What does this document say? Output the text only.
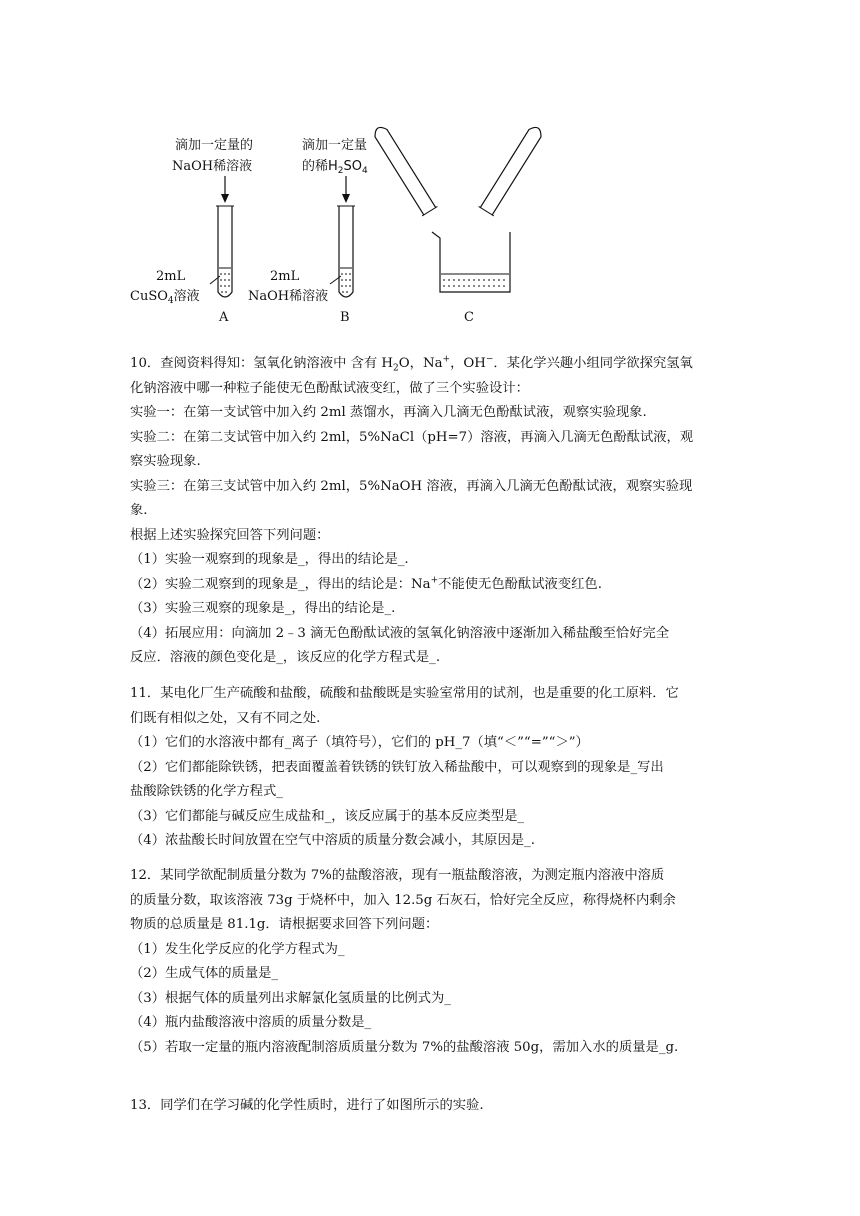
滴加一定量的
NaOH稀溶液
2mL
CuSO$_4$溶液
A
滴加一定量
的稀$H_2SO_4$
2mL
NaOH稀溶液
B	C

10．查阅资料得知：氢氧化钠溶液中 含有 $H_2O$，Na+，OH−．某化学兴趣小组同学欲探究氢氧

化钠溶液中哪一种粒子能使无色酚酞试液变红，做了三个实验设计：

实验一：在第一支试管中加入约 2ml 蒸馏水，再滴入几滴无色酚酞试液，观察实验现象.

实验二：在第二支试管中加入约 2ml，5%NaCl（pH=7）溶液，再滴入几滴无色酚酞试液，观

察实验现象.

实验三：在第三支试管中加入约 2ml，5%NaOH 溶液，再滴入几滴无色酚酞试液，观察实验现

象.

根据上述实验探究回答下列问题：

（1）实验一观察到的现象是_，得出的结论是_.

（2）实验二观察到的现象是_，得出的结论是：Na+不能使无色酚酞试液变红色.

（3）实验三观察的现象是_，得出的结论是_.

（4）拓展应用：向滴加 2﹣3 滴无色酚酞试液的氢氧化钠溶液中逐渐加入稀盐酸至恰好完全

反应．溶液的颜色变化是_，该反应的化学方程式是_.

11．某电化厂生产硫酸和盐酸，硫酸和盐酸既是实验室常用的试剂，也是重要的化工原料．它

们既有相似之处，又有不同之处.

（1）它们的水溶液中都有_离子（填符号），它们的 pH_7（填“＜”“=”“＞”）

（2）它们都能除铁锈，把表面覆盖着铁锈的铁钉放入稀盐酸中，可以观察到的现象是_写出

盐酸除铁锈的化学方程式_

（3）它们都能与碱反应生成盐和_，该反应属于的基本反应类型是_

（4）浓盐酸长时间放置在空气中溶质的质量分数会减小，其原因是_.

12．某同学欲配制质量分数为 7%的盐酸溶液，现有一瓶盐酸溶液，为测定瓶内溶液中溶质

的质量分数，取该溶液 73g 于烧杯中，加入 12.5g 石灰石，恰好完全反应，称得烧杯内剩余

物质的总质量是 81.1g．请根据要求回答下列问题：

（1）发生化学反应的化学方程式为_

（2）生成气体的质量是_

（3）根据气体的质量列出求解氯化氢质量的比例式为_

（4）瓶内盐酸溶液中溶质的质量分数是_

（5）若取一定量的瓶内溶液配制溶质质量分数为 7%的盐酸溶液 50g，需加入水的质量是_g.

13．同学们在学习碱的化学性质时，进行了如图所示的实验.
